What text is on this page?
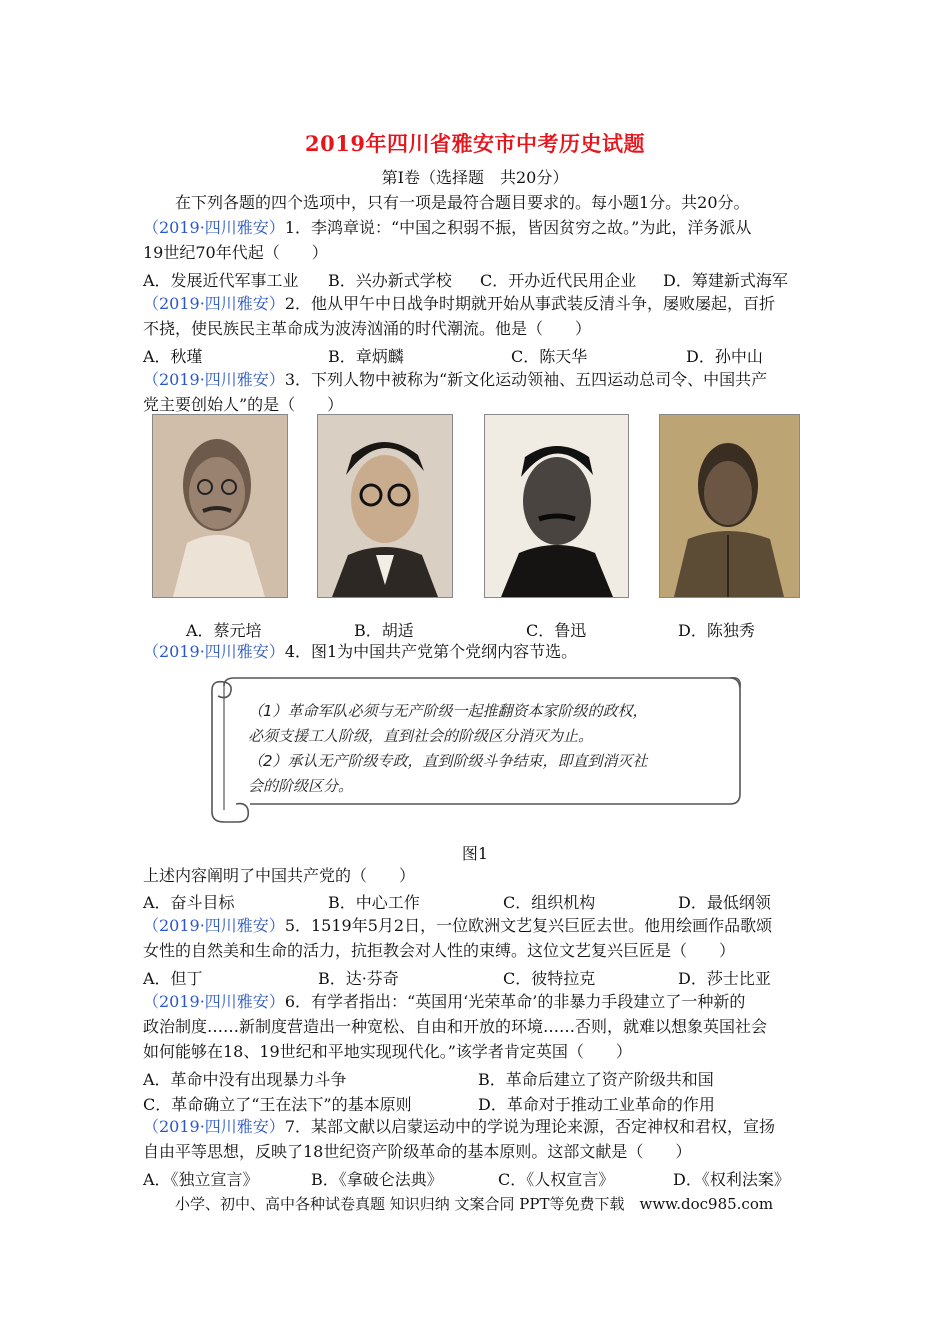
2019年四川省雅安市中考历史试题
第Ⅰ卷（选择题　共20分）
在下列各题的四个选项中，只有一项是最符合题目要求的。每小题1分。共20分。
（2019·四川雅安）1．李鸿章说：“中国之积弱不振，皆因贫穷之故。”为此，洋务派从
19世纪70年代起（　　）
A．发展近代军事工业 B．兴办新式学校 C．开办近代民用企业 D．筹建新式海军
（2019·四川雅安）2．他从甲午中日战争时期就开始从事武装反清斗争，屡败屡起，百折
不挠，使民族民主革命成为波涛汹涌的时代潮流。他是（　　）
A．秋瑾	B．章炳麟	C．陈天华	D．孙中山
（2019·四川雅安）3．下列人物中被称为“新文化运动领袖、五四运动总司令、中国共产
党主要创始人”的是（　　）
A．蔡元培	B．胡适	C．鲁迅	D．陈独秀
（2019·四川雅安）4．图1为中国共产党第个党纲内容节选。
（1）革命军队必须与无产阶级一起推翻资本家阶级的政权，
必须支援工人阶级，直到社会的阶级区分消灭为止。
（2）承认无产阶级专政，直到阶级斗争结束，即直到消灭社
会的阶级区分。
图1
上述内容阐明了中国共产党的（　　）
A．奋斗目标	B．中心工作	C．组织机构	D．最低纲领
（2019·四川雅安）5．1519年5月2日，一位欧洲文艺复兴巨匠去世。他用绘画作品歌颂
女性的自然美和生命的活力，抗拒教会对人性的束缚。这位文艺复兴巨匠是（　　）
A．但丁	B．达·芬奇	C．彼特拉克	D．莎士比亚
（2019·四川雅安）6．有学者指出：“英国用‘光荣革命’的非暴力手段建立了一种新的
政治制度……新制度营造出一种宽松、自由和开放的环境……否则，就难以想象英国社会
如何能够在18、19世纪和平地实现现代化。”该学者肯定英国（　　）
A．革命中没有出现暴力斗争	B．革命后建立了资产阶级共和国
C．革命确立了“王在法下”的基本原则	D．革命对于推动工业革命的作用
（2019·四川雅安）7．某部文献以启蒙运动中的学说为理论来源，否定神权和君权，宣扬
自由平等思想，反映了18世纪资产阶级革命的基本原则。这部文献是（　　）
A．《独立宣言》	B．《拿破仑法典》	C．《人权宣言》	D．《权利法案》
小学、初中、高中各种试卷真题 知识归纳 文案合同 PPT等免费下载　www.doc985.com
